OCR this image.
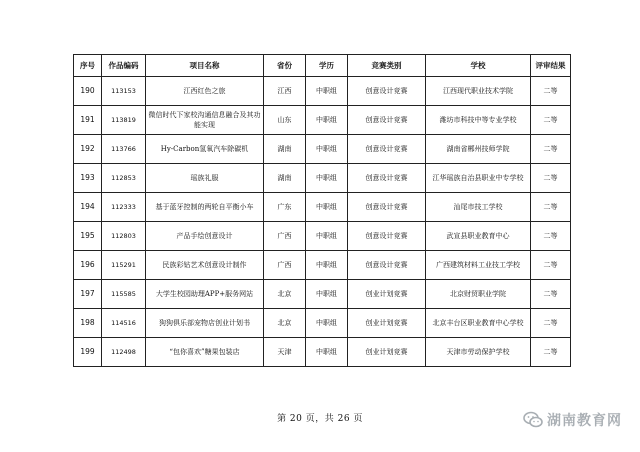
序号	作品编码	项目名称	省份	学历	竞赛类别	学校	评审结果
190	113153	江西红色之旅	江西	中职组	创意设计竞赛	江西现代职业技术学院	二等
191	113819	微信时代下家校沟通信息融合及其功能实现	山东	中职组	创意设计竞赛	潍坊市科技中等专业学校	二等
192	113766	Hy-Carbon氢氧汽车除碳机	湖南	中职组	创意设计竞赛	湖南省郴州技师学院	二等
193	112853	瑶族礼服	湖南	中职组	创意设计竞赛	江华瑶族自治县职业中专学校	二等
194	112333	基于蓝牙控制的两轮自平衡小车	广东	中职组	创意设计竞赛	汕尾市技工学校	二等
195	112803	产品手绘创意设计	广西	中职组	创意设计竞赛	武宣县职业教育中心	二等
196	115291	民族彩钻艺术创意设计制作	广西	中职组	创意设计竞赛	广西建筑材料工业技工学校	二等
197	115585	大学生校园助理APP+服务网站	北京	中职组	创业计划竞赛	北京财贸职业学院	二等
198	114516	狗狗俱乐部宠物店创业计划书	北京	中职组	创业计划竞赛	北京丰台区职业教育中心学校	二等
199	112498	“包你喜欢”糖果包装店	天津	中职组	创业计划竞赛	天津市劳动保护学校	二等
第 20 页，共 26 页	湖南教育网
